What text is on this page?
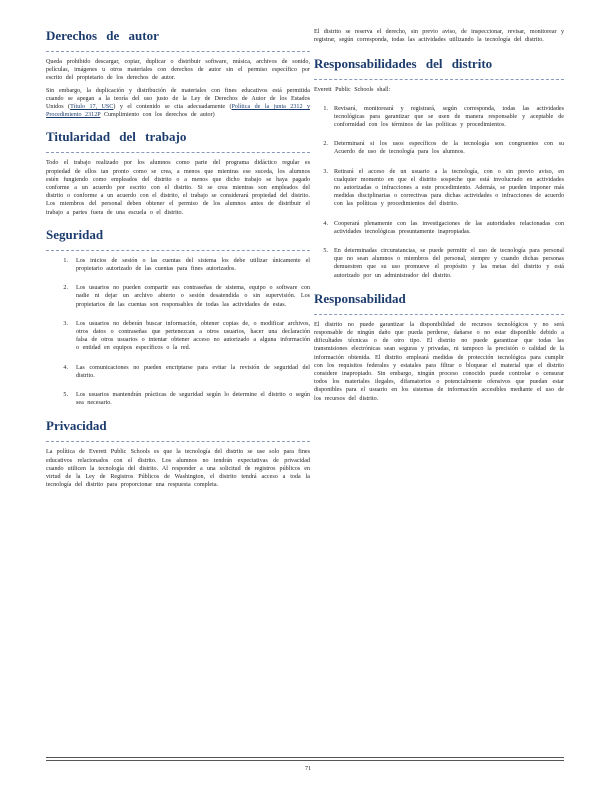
Derechos de autor

Queda prohibido descargar, copiar, duplicar o distribuir software, música, archivos de sonido, películas, imágenes u otros materiales con derechos de autor sin el permiso específico por escrito del propietario de los derechos de autor.

Sin embargo, la duplicación y distribución de materiales con fines educativos está permitida cuando se apegan a la teoría del uso justo de la Ley de Derechos de Autor de los Estados Unidos (Título 17, USC) y el contenido se cita adecuadamente (Política de la junta 2312 y Procedimiento 2312P Cumplimiento con los derechos de autor)

Titularidad del trabajo

Todo el trabajo realizado por los alumnos como parte del programa didáctico regular es propiedad de ellos tan pronto como se crea, a menos que mientras ese suceda, los alumnos estén fungiendo como empleados del distrito o a menos que dicho trabajo se haya pagado conforme a un acuerdo por escrito con el distrito. Si se crea mientras son empleados del distrito o conforme a un acuerdo con el distrito, el trabajo se considerará propiedad del distrito. Los miembros del personal deben obtener el permiso de los alumnos antes de distribuir el trabajo a partes fuera de una escuela o el distrito.

Seguridad
1.	Los inicios de sesión o las cuentas del sistema los debe utilizar únicamente el propietario autorizado de las cuentas para fines autorizados.
2.	Los usuarios no pueden compartir sus contraseñas de sistema, equipo o software con nadie ni dejar un archivo abierto o sesión desatendida o sin supervisión. Los propietarios de las cuentas son responsables de todas las actividades de estas.
3.	Los usuarios no deberán buscar información, obtener copias de, o modificar archivos, otros datos o contraseñas que pertenezcan a otros usuarios, hacer una declaración falsa de otros usuarios o intentar obtener acceso no autorizado a alguna información o entidad en equipos específicos o la red.
4.	Las comunicaciones no pueden encriptarse para evitar la revisión de seguridad del distrito.
5.	Los usuarios mantendrán prácticas de seguridad según lo determine el distrito o según sea necesario.
Privacidad

La política de Everett Public Schools es que la tecnología del distrito se use solo para fines educativos relacionados con el distrito. Los alumnos no tendrán expectativas de privacidad cuando utilicen la tecnología del distrito. Al responder a una solicitud de registros públicos en virtud de la Ley de Registros Públicos de Washington, el distrito tendrá acceso a toda la tecnología del distrito para proporcionar una respuesta completa.

El distrito se reserva el derecho, sin previo aviso, de inspeccionar, revisar, monitorear y registrar, según corresponda, todas las actividades utilizando la tecnología del distrito.

Responsabilidades del distrito

Everett Public Schools shall:

1. Revisará, monitoreará y registrará, según corresponda, todas las actividades tecnológicas para garantizar que se usen de manera responsable y aceptable de conformidad con los términos de las políticas y procedimientos.
2. Determinará si los usos específicos de la tecnología son congruentes con su Acuerdo de uso de tecnología para los alumnos.
3. Retirará el acceso de un usuario a la tecnología, con o sin previo aviso, en cualquier momento en que el distrito sospeche que está involucrado en actividades no autorizadas o infracciones a este procedimiento. Además, se pueden imponer más medidas disciplinarias o correctivas para dichas actividades o infracciones de acuerdo con las políticas y procedimientos del distrito.
4. Cooperará plenamente con las investigaciones de las autoridades relacionadas con actividades tecnológicas presuntamente inapropiadas.
5. En determinadas circunstancias, se puede permitir el uso de tecnología para personal que no sean alumnos o miembros del personal, siempre y cuando dichas personas demuestren que su uso promueve el propósito y las metas del distrito y está autorizado por un administrador del distrito.
Responsabilidad

El distrito no puede garantizar la disponibilidad de recursos tecnológicos y no será responsable de ningún daño que pueda perderse, dañarse o no estar disponible debido a dificultades técnicas o de otro tipo. El distrito no puede garantizar que todas las transmisiones electrónicas sean seguras y privadas, ni tampoco la precisión o calidad de la información obtenida. El distrito empleará medidas de protección tecnológica para cumplir con los requisitos federales y estatales para filtrar o bloquear el material que el distrito considere inapropiado. Sin embargo, ningún proceso conocido puede controlar o censurar todos los materiales ilegales, difamatorios o potencialmente ofensivos que puedan estar disponibles para el usuario en los sistemas de información accesibles mediante el uso de los recursos del distrito.

71
